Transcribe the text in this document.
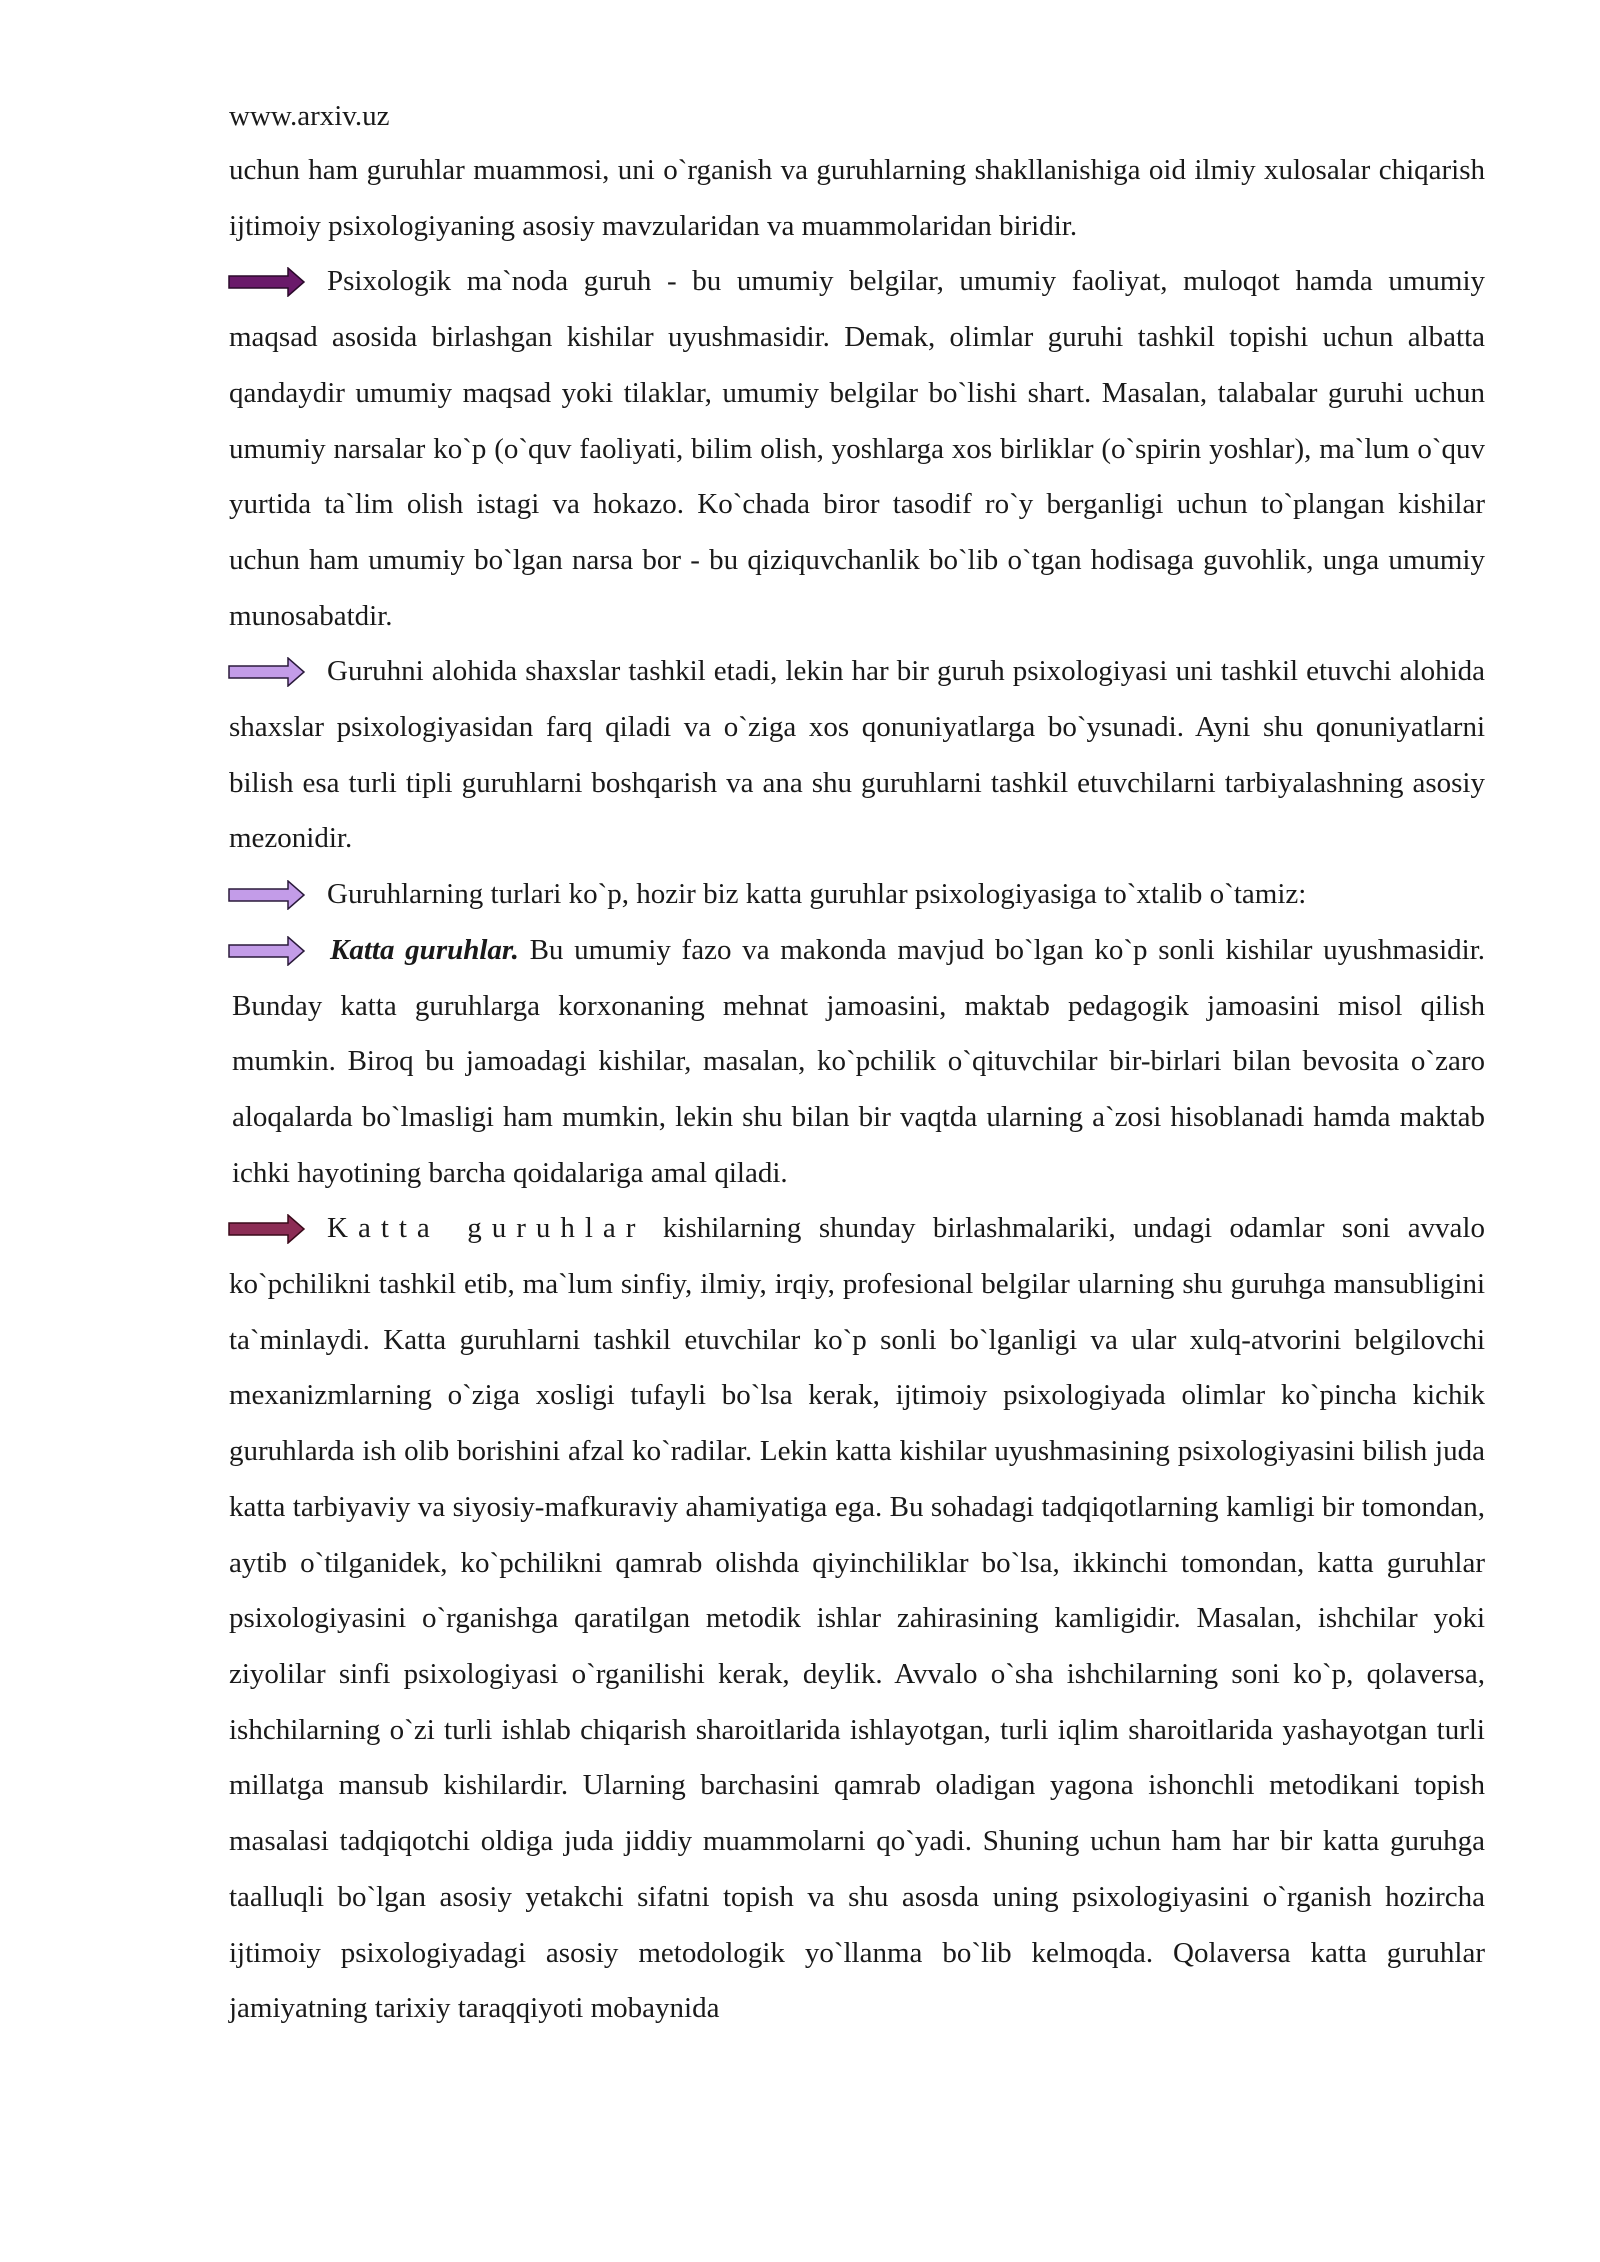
www.arxiv.uz

uchun ham guruhlar muammosi, uni o`rganish va guruhlarning shakllanishiga oid ilmiy xulosalar chiqarish ijtimoiy psixologiyaning asosiy mavzularidan va muammolaridan biridir.

Psixologik ma`noda guruh - bu umumiy belgilar, umumiy faoliyat, muloqot hamda umumiy maqsad asosida birlashgan kishilar uyushmasidir. Demak, olimlar guruhi tashkil topishi uchun albatta qandaydir umumiy maqsad yoki tilaklar, umumiy belgilar bo`lishi shart. Masalan, talabalar guruhi uchun umumiy narsalar ko`p (o`quv faoliyati, bilim olish, yoshlarga xos birliklar (o`spirin yoshlar), ma`lum o`quv yurtida ta`lim olish istagi va hokazo. Ko`chada biror tasodif ro`y berganligi uchun to`plangan kishilar uchun ham umumiy bo`lgan narsa bor - bu qiziquvchanlik bo`lib o`tgan hodisaga guvohlik, unga umumiy munosabatdir.

Guruhni alohida shaxslar tashkil etadi, lekin har bir guruh psixologiyasi uni tashkil etuvchi alohida shaxslar psixologiyasidan farq qiladi va o`ziga xos qonuniyatlarga bo`ysunadi. Ayni shu qonuniyatlarni bilish esa turli tipli guruhlarni boshqarish va ana shu guruhlarni tashkil etuvchilarni tarbiyalashning asosiy mezonidir.

Guruhlarning turlari ko`p, hozir biz katta guruhlar psixologiyasiga to`xtalib o`tamiz:

Katta guruhlar. Bu umumiy fazo va makonda mavjud bo`lgan ko`p sonli kishilar uyushmasidir. Bunday katta guruhlarga korxonaning mehnat jamoasini, maktab pedagogik jamoasini misol qilish mumkin. Biroq bu jamoadagi kishilar, masalan, ko`pchilik o`qituvchilar bir-birlari bilan bevosita o`zaro aloqalarda bo`lmasligi ham mumkin, lekin shu bilan bir vaqtda ularning a`zosi hisoblanadi hamda maktab ichki hayotining barcha qoidalariga amal qiladi.

Katta guruhlar kishilarning shunday birlashmalariki, undagi odamlar soni avvalo ko`pchilikni tashkil etib, ma`lum sinfiy, ilmiy, irqiy, profesional belgilar ularning shu guruhga mansubligini ta`minlaydi. Katta guruhlarni tashkil etuvchilar ko`p sonli bo`lganligi va ular xulq-atvorini belgilovchi mexanizmlarning o`ziga xosligi tufayli bo`lsa kerak, ijtimoiy psixologiyada olimlar ko`pincha kichik guruhlarda ish olib borishini afzal ko`radilar. Lekin katta kishilar uyushmasining psixologiyasini bilish juda katta tarbiyaviy va siyosiy-mafkuraviy ahamiyatiga ega. Bu sohadagi tadqiqotlarning kamligi bir tomondan, aytib o`tilganidek, ko`pchilikni qamrab olishda qiyinchiliklar bo`lsa, ikkinchi tomondan, katta guruhlar psixologiyasini o`rganishga qaratilgan metodik ishlar zahirasining kamligidir. Masalan, ishchilar yoki ziyolilar sinfi psixologiyasi o`rganilishi kerak, deylik. Avvalo o`sha ishchilarning soni ko`p, qolaversa, ishchilarning o`zi turli ishlab chiqarish sharoitlarida ishlayotgan, turli iqlim sharoitlarida yashayotgan turli millatga mansub kishilardir. Ularning barchasini qamrab oladigan yagona ishonchli metodikani topish masalasi tadqiqotchi oldiga juda jiddiy muammolarni qo`yadi. Shuning uchun ham har bir katta guruhga taalluqli bo`lgan asosiy yetakchi sifatni topish va shu asosda uning psixologiyasini o`rganish hozircha ijtimoiy psixologiyadagi asosiy metodologik yo`llanma bo`lib kelmoqda. Qolaversa katta guruhlar jamiyatning tarixiy taraqqiyoti mobaynida
